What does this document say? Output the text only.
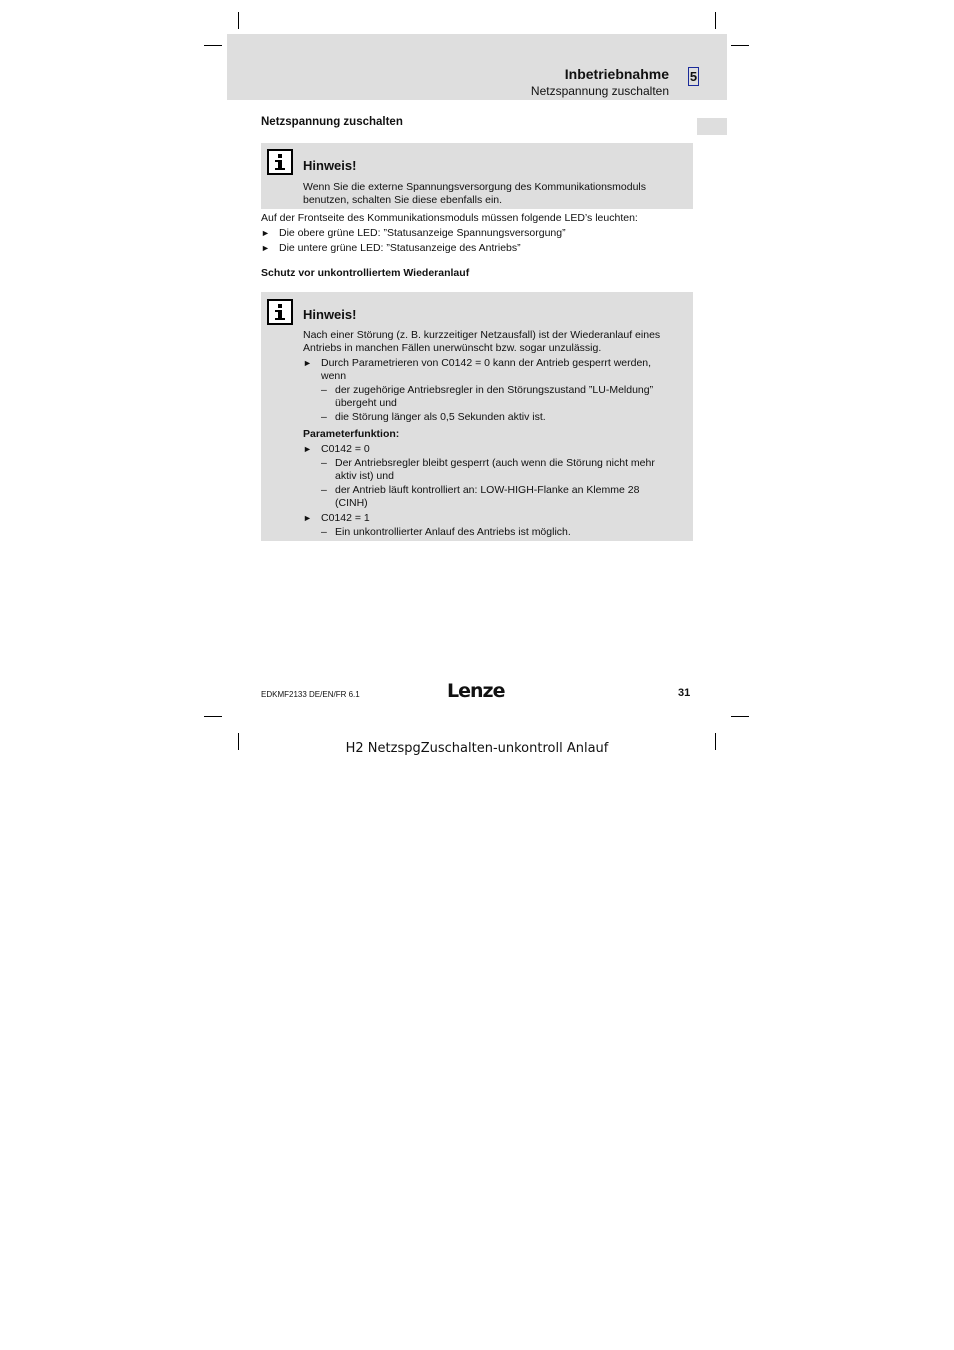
Inbetriebnahme
Netzspannung zuschalten
5
Netzspannung zuschalten
Hinweis!
Wenn Sie die externe Spannungsversorgung des Kommunikationsmoduls
benutzen, schalten Sie diese ebenfalls ein.
Auf der Frontseite des Kommunikationsmoduls müssen folgende LED’s leuchten:
► Die obere grüne LED: ”Statusanzeige Spannungsversorgung”
► Die untere grüne LED: ”Statusanzeige des Antriebs”
Schutz vor unkontrolliertem Wiederanlauf
Hinweis!
Nach einer Störung (z. B. kurzzeitiger Netzausfall) ist der Wiederanlauf eines
Antriebs in manchen Fällen unerwünscht bzw. sogar unzulässig.
► Durch Parametrieren von C0142 = 0 kann der Antrieb gesperrt werden,
wenn
– der zugehörige Antriebsregler in den Störungszustand ”LU-Meldung”
übergeht und
– die Störung länger als 0,5 Sekunden aktiv ist.
Parameterfunktion:
► C0142 = 0
– Der Antriebsregler bleibt gesperrt (auch wenn die Störung nicht mehr
aktiv ist) und
– der Antrieb läuft kontrolliert an: LOW-HIGH-Flanke an Klemme 28
(CINH)
► C0142 = 1
– Ein unkontrollierter Anlauf des Antriebs ist möglich.
EDKMF2133 DE/EN/FR 6.1	Lenze	31
H2 NetzspgZuschalten-unkontroll Anlauf
